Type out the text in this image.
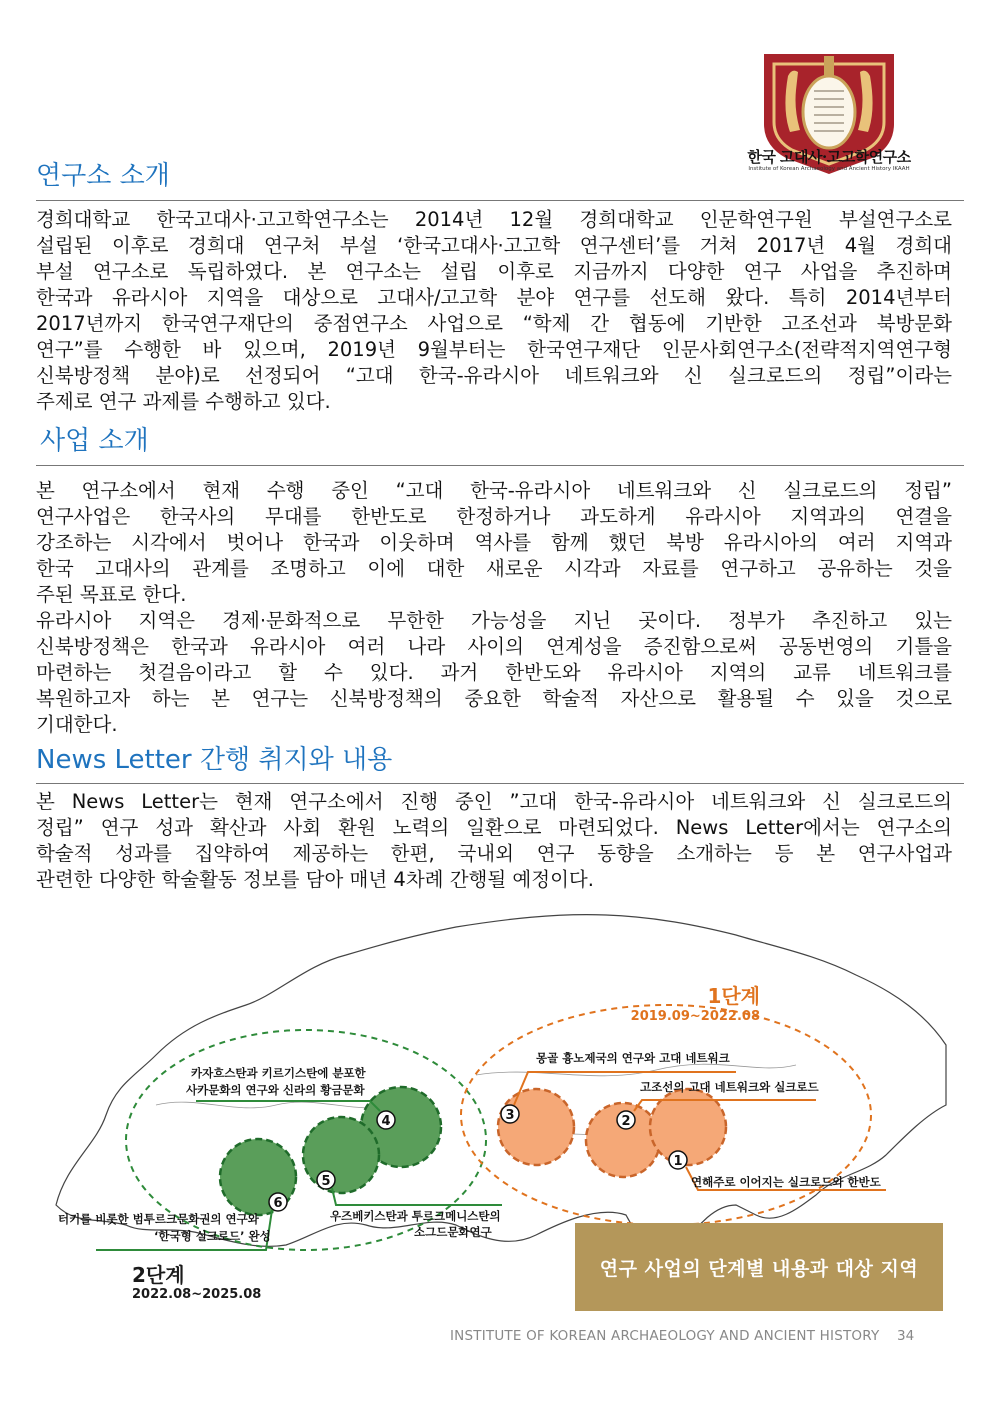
한국 고대사·고고학연구소
Institute of Korean Archaeology and Ancient History IKAAH
연구소 소개
경희대학교 한국고대사·고고학연구소는 2014년 12월 경희대학교 인문학연구원 부설연구소로
설립된 이후로 경희대 연구처 부설 ‘한국고대사·고고학 연구센터’를 거쳐 2017년 4월 경희대
부설 연구소로 독립하였다. 본 연구소는 설립 이후로 지금까지 다양한 연구 사업을 추진하며
한국과 유라시아 지역을 대상으로 고대사/고고학 분야 연구를 선도해 왔다. 특히 2014년부터
2017년까지 한국연구재단의 중점연구소 사업으로 “학제 간 협동에 기반한 고조선과 북방문화
연구”를 수행한 바 있으며, 2019년 9월부터는 한국연구재단 인문사회연구소(전략적지역연구형
신북방정책 분야)로 선정되어 “고대 한국-유라시아 네트워크와 신 실크로드의 정립”이라는
주제로 연구 과제를 수행하고 있다.
사업 소개
본 연구소에서 현재 수행 중인 “고대 한국-유라시아 네트워크와 신 실크로드의 정립”
연구사업은 한국사의 무대를 한반도로 한정하거나 과도하게 유라시아 지역과의 연결을
강조하는 시각에서 벗어나 한국과 이웃하며 역사를 함께 했던 북방 유라시아의 여러 지역과
한국 고대사의 관계를 조명하고 이에 대한 새로운 시각과 자료를 연구하고 공유하는 것을
주된 목표로 한다.
유라시아 지역은 경제·문화적으로 무한한 가능성을 지닌 곳이다. 정부가 추진하고 있는
신북방정책은 한국과 유라시아 여러 나라 사이의 연계성을 증진함으로써 공동번영의 기틀을
마련하는 첫걸음이라고 할 수 있다. 과거 한반도와 유라시아 지역의 교류 네트워크를
복원하고자 하는 본 연구는 신북방정책의 중요한 학술적 자산으로 활용될 수 있을 것으로
기대한다.
News Letter 간행 취지와 내용
본 News Letter는 현재 연구소에서 진행 중인 ”고대 한국-유라시아 네트워크와 신 실크로드의
정립” 연구 성과 확산과 사회 환원 노력의 일환으로 마련되었다. News Letter에서는 연구소의
학술적 성과를 집약하여 제공하는 한편, 국내외 연구 동향을 소개하는 등 본 연구사업과
관련한 다양한 학술활동 정보를 담아 매년 4차례 간행될 예정이다.
1
2
3
4
5
6
1단계
2019.09~2022.08
2단계
2022.08~2025.08
연해주로 이어지는 실크로드와 한반도
고조선의 고대 네트워크와 실크로드
몽골 흉노제국의 연구와 고대 네트워크
카자흐스탄과 키르기스탄에 분포한
사카문화의 연구와 신라의 황금문화
우즈베키스탄과 투르크메니스탄의
소그드문화연구
터키를 비롯한 범투르크문화권의 연구와
‘한국형 실크로드’ 완성
연구 사업의 단계별 내용과 대상 지역
INSTITUTE OF KOREAN ARCHAEOLOGY AND ANCIENT HISTORY 34
